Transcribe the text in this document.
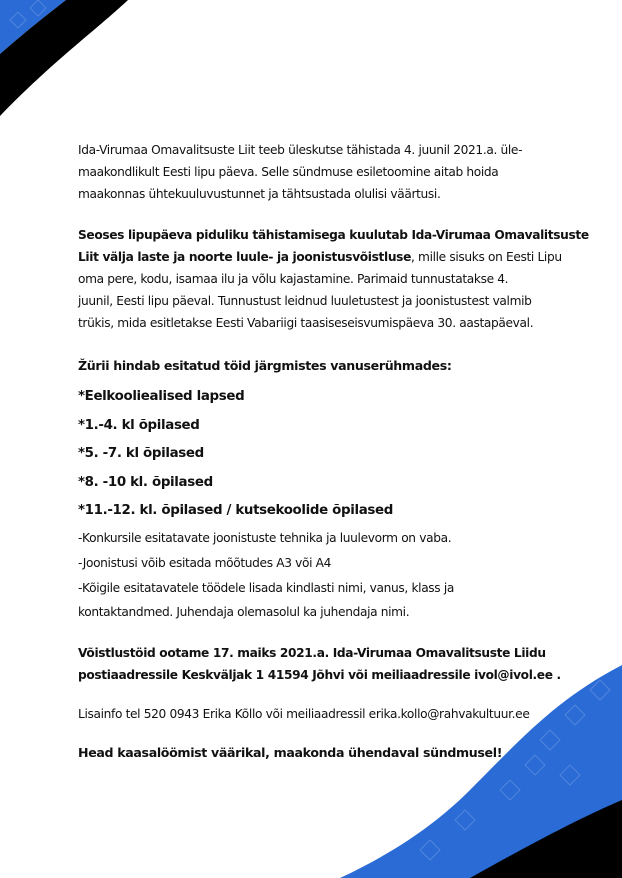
Ida-Virumaa Omavalitsuste Liit teeb üleskutse tähistada 4. juunil 2021.a. üle-
maakondlikult Eesti lipu päeva. Selle sündmuse esiletoomine aitab hoida
maakonnas ühtekuuluvustunnet ja tähtsustada olulisi väärtusi.
Seoses lipupäeva piduliku tähistamisega kuulutab Ida-Virumaa Omavalitsuste
Liit välja laste ja noorte luule- ja joonistusvõistluse, mille sisuks on Eesti Lipu
oma pere, kodu, isamaa ilu ja võlu kajastamine. Parimaid tunnustatakse 4.
juunil, Eesti lipu päeval. Tunnustust leidnud luuletustest ja joonistustest valmib
trükis, mida esitletakse Eesti Vabariigi taasiseseisvumispäeva 30. aastapäeval.
Žürii hindab esitatud töid järgmistes vanuserühmades:
*Eelkooliealised lapsed
*1.-4. kl õpilased
*5. -7. kl õpilased
*8. -10 kl. õpilased
*11.-12. kl. õpilased / kutsekoolide õpilased
-Konkursile esitatavate joonistuste tehnika ja luulevorm on vaba.
-Joonistusi võib esitada mõõtudes A3 või A4
-Kõigile esitatavatele töödele lisada kindlasti nimi, vanus, klass ja
kontaktandmed. Juhendaja olemasolul ka juhendaja nimi.
Võistlustöid ootame 17. maiks 2021.a. Ida-Virumaa Omavalitsuste Liidu
postiaadressile Keskväljak 1 41594 Jõhvi või meiliaadressile ivol@ivol.ee .
Lisainfo tel 520 0943 Erika Kõllo või meiliaadressil erika.kollo@rahvakultuur.ee
Head kaasalöömist väärikal, maakonda ühendaval sündmusel!
